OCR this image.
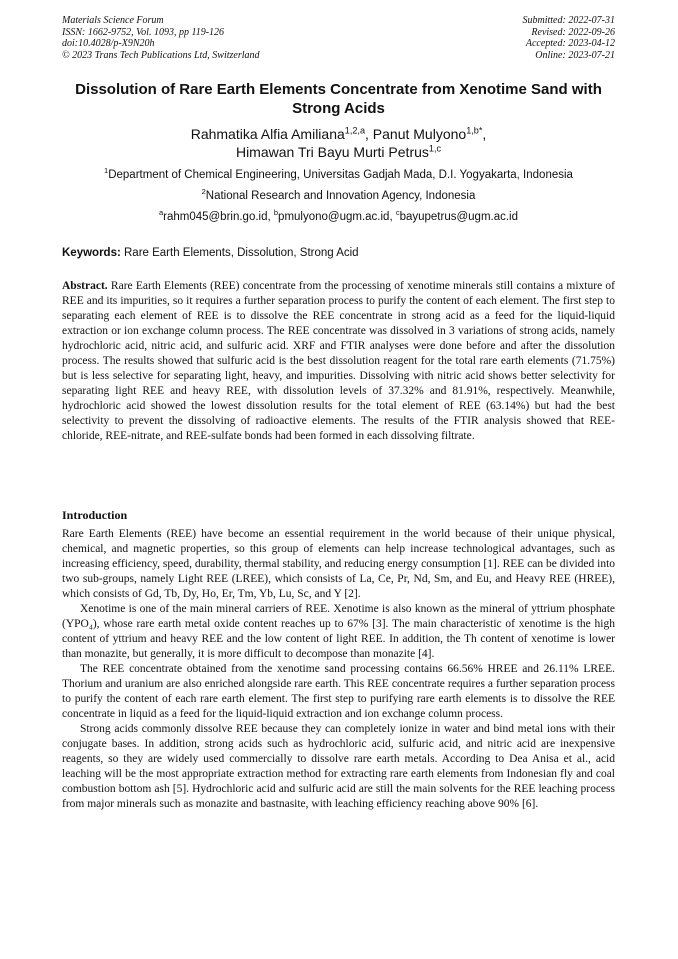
Materials Science Forum
ISSN: 1662-9752, Vol. 1093, pp 119-126
doi:10.4028/p-X9N20h
© 2023 Trans Tech Publications Ltd, Switzerland
Submitted: 2022-07-31
Revised: 2022-09-26
Accepted: 2023-04-12
Online: 2023-07-21
Dissolution of Rare Earth Elements Concentrate from Xenotime Sand with Strong Acids
Rahmatika Alfia Amiliana$^{1,2,a}$, Panut Mulyono$^{1,b*}$,
Himawan Tri Bayu Murti Petrus$^{1,c}$
$^1$Department of Chemical Engineering, Universitas Gadjah Mada, D.I. Yogyakarta, Indonesia
$^2$National Research and Innovation Agency, Indonesia
$^a$rahm045@brin.go.id, $^b$pmulyono@ugm.ac.id, $^c$bayupetrus@ugm.ac.id
Keywords: Rare Earth Elements, Dissolution, Strong Acid
Abstract. Rare Earth Elements (REE) concentrate from the processing of xenotime minerals still contains a mixture of REE and its impurities, so it requires a further separation process to purify the content of each element. The first step to separating each element of REE is to dissolve the REE concentrate in strong acid as a feed for the liquid-liquid extraction or ion exchange column process. The REE concentrate was dissolved in 3 variations of strong acids, namely hydrochloric acid, nitric acid, and sulfuric acid. XRF and FTIR analyses were done before and after the dissolution process. The results showed that sulfuric acid is the best dissolution reagent for the total rare earth elements (71.75%) but is less selective for separating light, heavy, and impurities. Dissolving with nitric acid shows better selectivity for separating light REE and heavy REE, with dissolution levels of 37.32% and 81.91%, respectively. Meanwhile, hydrochloric acid showed the lowest dissolution results for the total element of REE (63.14%) but had the best selectivity to prevent the dissolving of radioactive elements. The results of the FTIR analysis showed that REE-chloride, REE-nitrate, and REE-sulfate bonds had been formed in each dissolving filtrate.
Introduction

Rare Earth Elements (REE) have become an essential requirement in the world because of their unique physical, chemical, and magnetic properties, so this group of elements can help increase technological advantages, such as increasing efficiency, speed, durability, thermal stability, and reducing energy consumption [1]. REE can be divided into two sub-groups, namely Light REE (LREE), which consists of La, Ce, Pr, Nd, Sm, and Eu, and Heavy REE (HREE), which consists of Gd, Tb, Dy, Ho, Er, Tm, Yb, Lu, Sc, and Y [2].

Xenotime is one of the main mineral carriers of REE. Xenotime is also known as the mineral of yttrium phosphate (YPO₄), whose rare earth metal oxide content reaches up to 67% [3]. The main characteristic of xenotime is the high content of yttrium and heavy REE and the low content of light REE. In addition, the Th content of xenotime is lower than monazite, but generally, it is more difficult to decompose than monazite [4].

The REE concentrate obtained from the xenotime sand processing contains 66.56% HREE and 26.11% LREE. Thorium and uranium are also enriched alongside rare earth. This REE concentrate requires a further separation process to purify the content of each rare earth element. The first step to purifying rare earth elements is to dissolve the REE concentrate in liquid as a feed for the liquid-liquid extraction and ion exchange column process.

Strong acids commonly dissolve REE because they can completely ionize in water and bind metal ions with their conjugate bases. In addition, strong acids such as hydrochloric acid, sulfuric acid, and nitric acid are inexpensive reagents, so they are widely used commercially to dissolve rare earth metals. According to Dea Anisa et al., acid leaching will be the most appropriate extraction method for extracting rare earth elements from Indonesian fly and coal combustion bottom ash [5]. Hydrochloric acid and sulfuric acid are still the main solvents for the REE leaching process from major minerals such as monazite and bastnasite, with leaching efficiency reaching above 90% [6].
